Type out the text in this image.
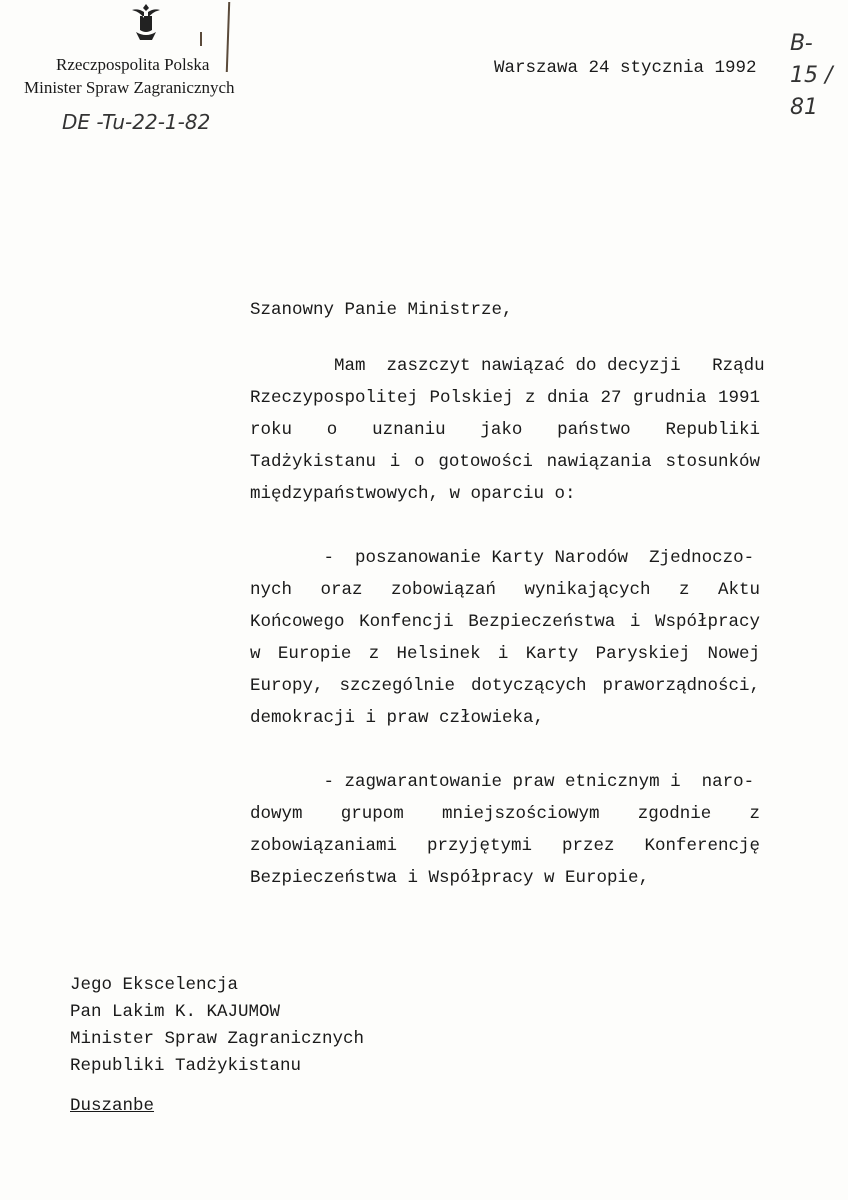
Rzeczpospolita Polska
Minister Spraw Zagranicznych
DE -Tu-22-1-82
Warszawa 24 stycznia 1992
B-15 / 81
Szanowny Panie Ministrze,
Mam  zaszczyt nawiązać do decyzji   Rządu
Rzeczypospolitej Polskiej z dnia 27 grudnia 1991
roku o uznaniu jako państwo Republiki
Tadżykistanu i o gotowości nawiązania stosunków
międzypaństwowych, w oparciu o:
-  poszanowanie Karty Narodów  Zjednoczo-
nych oraz zobowiązań wynikających z Aktu
Końcowego Konfencji Bezpieczeństwa i Współpracy
w Europie z Helsinek i Karty Paryskiej Nowej
Europy, szczególnie dotyczących praworządności,
demokracji i praw człowieka,
- zagwarantowanie praw etnicznym i  naro-
dowym grupom mniejszościowym zgodnie z
zobowiązaniami przyjętymi przez Konferencję
Bezpieczeństwa i Współpracy w Europie,
Jego Ekscelencja
Pan Lakim K. KAJUMOW
Minister Spraw Zagranicznych
Republiki Tadżykistanu
Duszanbe
